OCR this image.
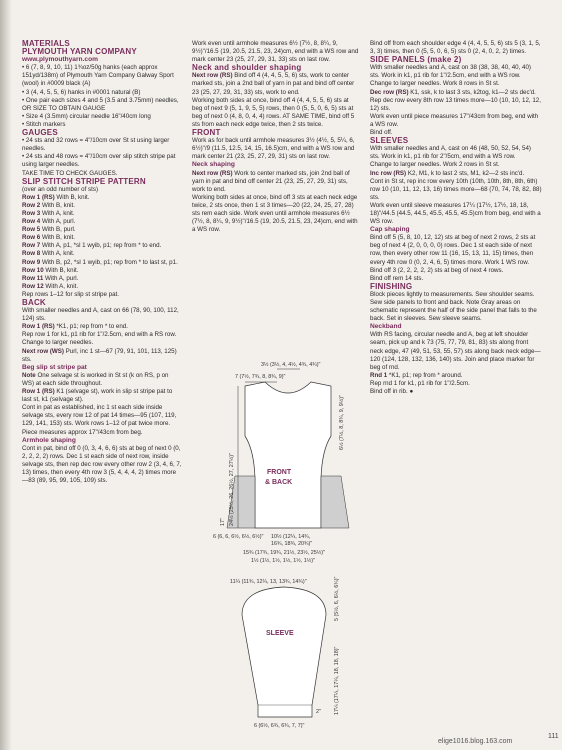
MATERIALS

PLYMOUTH YARN COMPANY

www.plymouthyarn.com

• 6 (7, 8, 9, 10, 11) 1¾oz/50g hanks (each approx 151yd/138m) of Plymouth Yarn Company Galway Sport (wool) in #0009 black (A)

• 3 (4, 4, 5, 5, 6) hanks in #0001 natural (B)

• One pair each sizes 4 and 5 (3.5 and 3.75mm) needles, OR SIZE TO OBTAIN GAUGE

• Size 4 (3.5mm) circular needle 16"/40cm long

• Stitch markers

GAUGES

• 24 sts and 32 rows = 4"/10cm over St st using larger needles.

• 24 sts and 48 rows = 4"/10cm over slip stitch stripe pat using larger needles.

TAKE TIME TO CHECK GAUGES.

SLIP STITCH STRIPE PATTERN

(over an odd number of sts)

Row 1 (RS) With B, knit.

Row 2 With B, knit.

Row 3 With A, knit.

Row 4 With A, purl.

Row 5 With B, purl.

Row 6 With B, knit.

Row 7 With A, p1, *sl 1 wyib, p1; rep from * to end.

Row 8 With A, knit.

Row 9 With B, p2, *sl 1 wyib, p1; rep from * to last st, p1.

Row 10 With B, knit.

Row 11 With A, purl.

Row 12 With A, knit.

Rep rows 1–12 for slip st stripe pat.

BACK

With smaller needles and A, cast on 66 (78, 90, 100, 112, 124) sts.

Row 1 (RS) *K1, p1; rep from * to end.

Rep row 1 for k1, p1 rib for 1"/2.5cm, end with a RS row.

Change to larger needles.

Next row (WS) Purl, inc 1 st—67 (79, 91, 101, 113, 125) sts.

Beg slip st stripe pat

Note One selvage st is worked in St st (k on RS, p on WS) at each side throughout.

Row 1 (RS) K1 (selvage st), work in slip st stripe pat to last st, k1 (selvage st).

Cont in pat as established, inc 1 st each side inside selvage sts, every row 12 of pat 14 times—95 (107, 119, 129, 141, 153) sts. Work rows 1–12 of pat twice more.

Piece measures approx 17"/43cm from beg.

Armhole shaping

Cont in pat, bind off 0 (0, 3, 4, 6, 6) sts at beg of next 0 (0, 2, 2, 2, 2) rows. Dec 1 st each side of next row, inside selvage sts, then rep dec row every other row 2 (3, 4, 6, 7, 13) times, then every 4th row 3 (5, 4, 4, 4, 2) times more—83 (89, 95, 99, 105, 109) sts.

Work even until armhole measures 6½ (7½, 8, 8¼, 9, 9½)"/16.5 (19, 20.5, 21.5, 23, 24)cm, end with a WS row and mark center 23 (25, 27, 29, 31, 33) sts on last row.

Neck and shoulder shaping

Next row (RS) Bind off 4 (4, 4, 5, 5, 6) sts, work to center marked sts, join a 2nd ball of yarn in pat and bind off center 23 (25, 27, 29, 31, 33) sts, work to end.

Working both sides at once, bind off 4 (4, 4, 5, 5, 6) sts at beg of next 9 (5, 1, 9, 5, 5) rows, then 0 (5, 5, 0, 6, 5) sts at beg of next 0 (4, 8, 0, 4, 4) rows. AT SAME TIME, bind off 5 sts from each neck edge twice, then 2 sts twice.

FRONT

Work as for back until armhole measures 3½ (4½, 5, 5¼, 6, 6½)"/9 (11.5, 12.5, 14, 15, 16.5)cm, end with a WS row and mark center 21 (23, 25, 27, 29, 31) sts on last row.

Neck shaping

Next row (RS) Work to center marked sts, join 2nd ball of yarn in pat and bind off center 21 (23, 25, 27, 29, 31) sts, work to end.

Working both sides at once, bind off 3 sts at each neck edge twice, 2 sts once, then 1 st 3 times—20 (22, 24, 25, 27, 28) sts rem each side. Work even until armhole measures 6½ (7½, 8, 8¼, 9, 9½)"/16.5 (19, 20.5, 21.5, 23, 24)cm, end with a WS row.

Bind off from each shoulder edge 4 (4, 4, 5, 5, 6) sts 5 (3, 1, 5, 3, 3) times, then 0 (5, 5, 0, 6, 5) sts 0 (2, 4, 0, 2, 2) times.

SIDE PANELS (make 2)

With smaller needles and A, cast on 38 (38, 38, 40, 40, 40) sts. Work in k1, p1 rib for 1"/2.5cm, end with a WS row.

Change to larger needles. Work 8 rows in St st.

Dec row (RS) K1, ssk, k to last 3 sts, k2tog, k1—2 sts dec'd.

Rep dec row every 8th row 13 times more—10 (10, 10, 12, 12, 12) sts.

Work even until piece measures 17"/43cm from beg, end with a WS row.

Bind off.

SLEEVES

With smaller needles and A, cast on 46 (48, 50, 52, 54, 54) sts. Work in k1, p1 rib for 2"/5cm, end with a WS row.

Change to larger needles. Work 2 rows in St st.

Inc row (RS) K2, M1, k to last 2 sts, M1, k2—2 sts inc'd.

Cont in St st, rep inc row every 10th (10th, 10th, 8th, 8th, 6th) row 10 (10, 11, 12, 13, 16) times more—68 (70, 74, 78, 82, 88) sts.

Work even until sleeve measures 17¼ (17½, 17½, 18, 18, 18)"/44.5 (44.5, 44.5, 45.5, 45.5, 45.5)cm from beg, end with a WS row.

Cap shaping

Bind off 5 (5, 8, 10, 12, 12) sts at beg of next 2 rows, 2 sts at beg of next 4 (2, 0, 0, 0, 0) rows. Dec 1 st each side of next row, then every other row 11 (16, 15, 13, 11, 15) times, then every 4th row 0 (0, 2, 4, 6, 5) times more. Work 1 WS row. Bind off 3 (2, 2, 2, 2, 2) sts at beg of next 4 rows.

Bind off rem 14 sts.

FINISHING

Block pieces lightly to measurements. Sew shoulder seams. Sew side panels to front and back. Note Gray areas on schematic represent the half of the side panel that falls to the back. Set in sleeves. Sew sleeve seams.

Neckband

With RS facing, circular needle and A, beg at left shoulder seam, pick up and k 73 (75, 77, 79, 81, 83) sts along front neck edge, 47 (49, 51, 53, 55, 57) sts along back neck edge—120 (124, 128, 132, 136, 140) sts. Join and place marker for beg of rnd.

Rnd 1 *K1, p1; rep from * around.

Rep rnd 1 for k1, p1 rib for 1"/2.5cm.

Bind off in rib. ●

3½ (3½, 4, 4½, 4¾, 4¾)"
7 (7½, 7¾, 8, 8¾, 9)"
FRONT
& BACK
24½ (25½, 26, 26½, 27, 27½)"
17"
6½ (7½, 8, 8¾, 9, 9½)"
6 (6, 6, 6½, 6½, 6½)" 10½ (12¼, 14¾,
16¾, 18¾, 20¾)"
15¾ (17¾, 19¾, 21½, 23½, 25½)"
1½ (1½, 1½, 1½, 1½, 1½)"
11¼ (11¾, 12¼, 13, 13¾, 14¾)"
SLEEVE
5 (5½, 6, 6½, 6¾)"
17¼ (17¼, 17¼, 18, 18, 18)"
2"
6 (6½, 6¾, 6¾, 7, 7)"
elige1016.blog.163.com
111
